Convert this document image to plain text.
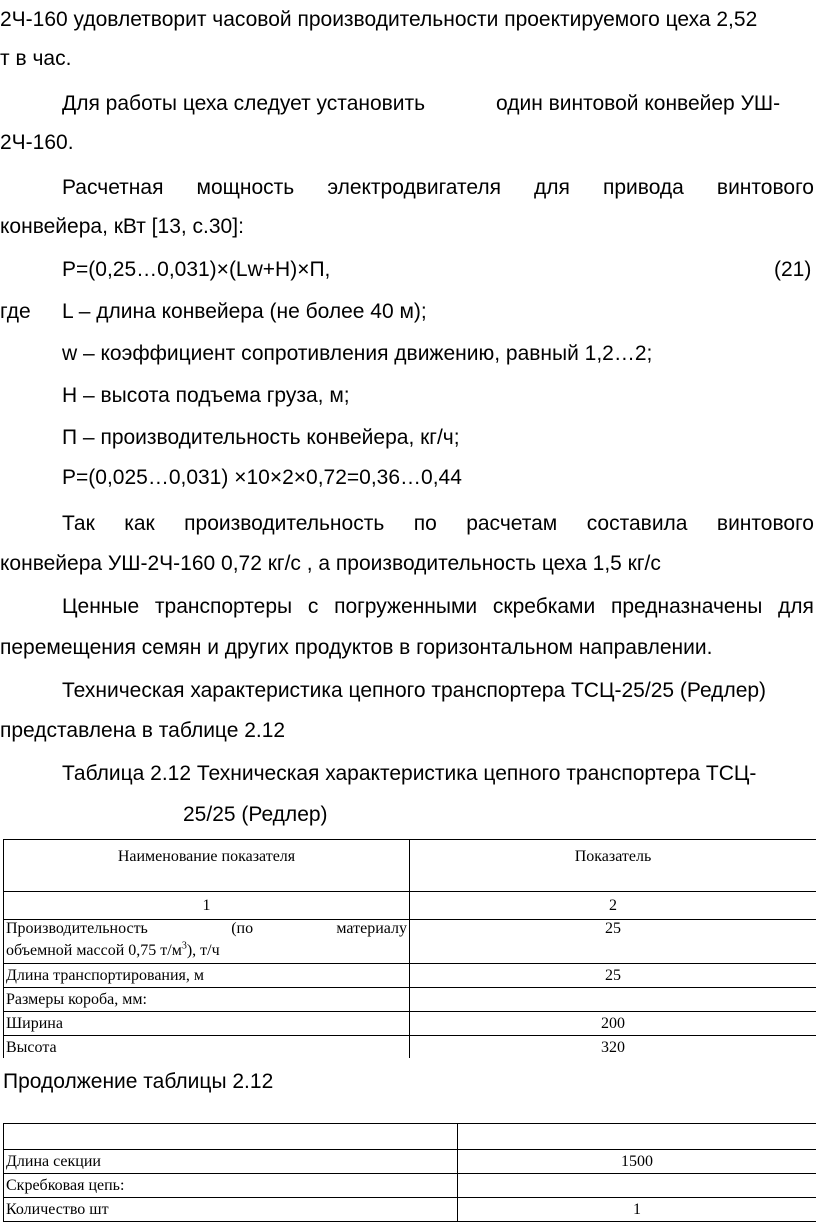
2Ч-160 удовлетворит часовой производительности проектируемого цеха 2,52
т в час.
Для работы цеха следует установить	один винтовой конвейер УШ-
2Ч-160.
Расчетная мощность электродвигателя для привода винтового
конвейера, кВт [13, с.30]:
P=(0,25…0,031)×(Lw+H)×П,	(21)
где L – длина конвейера (не более 40 м);
w – коэффициент сопротивления движению, равный 1,2…2;
H – высота подъема груза, м;
П – производительность конвейера, кг/ч;
P=(0,025…0,031) ×10×2×0,72=0,36…0,44
Так как производительность по расчетам составила винтового
конвейера УШ-2Ч-160 0,72 кг/с , а производительность цеха 1,5 кг/с
Ценные транспортеры с погруженными скребками предназначены для
перемещения семян и других продуктов в горизонтальном направлении.
Техническая характеристика цепного транспортера ТСЦ-25/25 (Редлер)
представлена в таблице 2.12
Таблица 2.12 Техническая характеристика цепного транспортера ТСЦ-
25/25 (Редлер)
Наименование показателя	Показатель
1	2

Производительность (по материалу
объемной массой 0,75 $т/м^3$), т/ч	25
Длина транспортирования, м	25
Размеры короба, мм:	
Ширина	200
Высота	320
Продолжение таблицы 2.12

Длина секции	1500
Скребковая цепь:	
Количество шт	1
